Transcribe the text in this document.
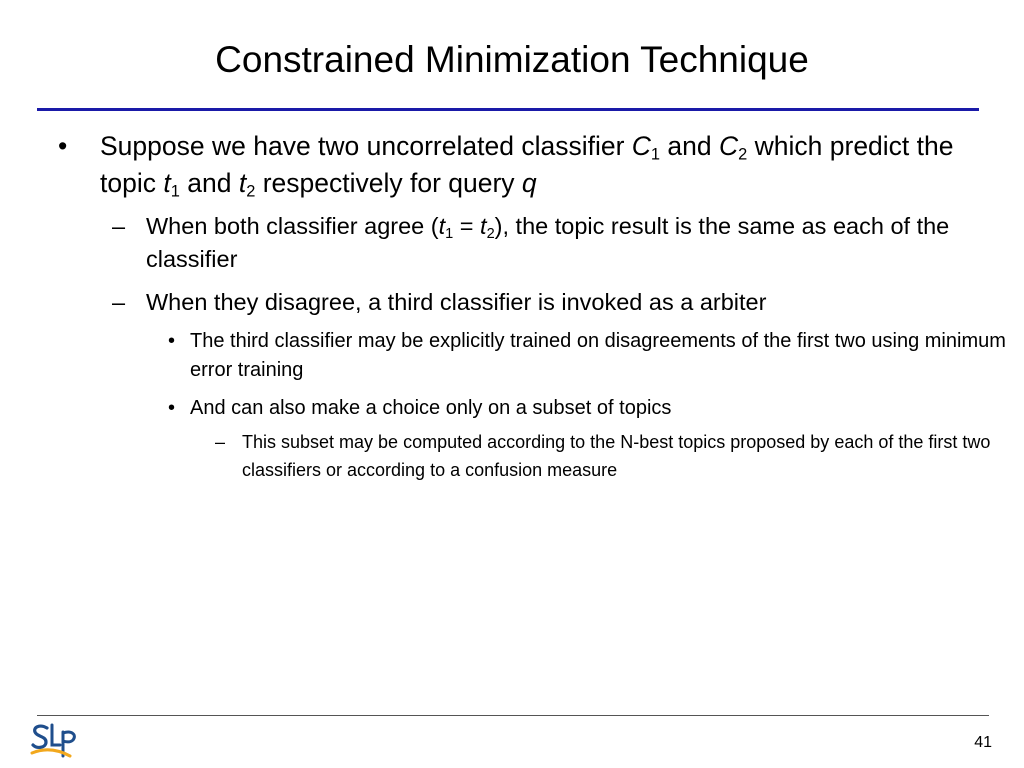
Constrained Minimization Technique
• Suppose we have two uncorrelated classifier $C_1$ and $C_2$ which predict the topic $t_1$ and $t_2$ respectively for query q
– When both classifier agree $(t_1 = t_2)$, the topic result is the same as each of the classifier
– When they disagree, a third classifier is invoked as a arbiter
• The third classifier may be explicitly trained on disagreements of the first two using minimum error training
• And can also make a choice only on a subset of topics
– This subset may be computed according to the N-best topics proposed by each of the first two classifiers or according to a confusion measure
41
